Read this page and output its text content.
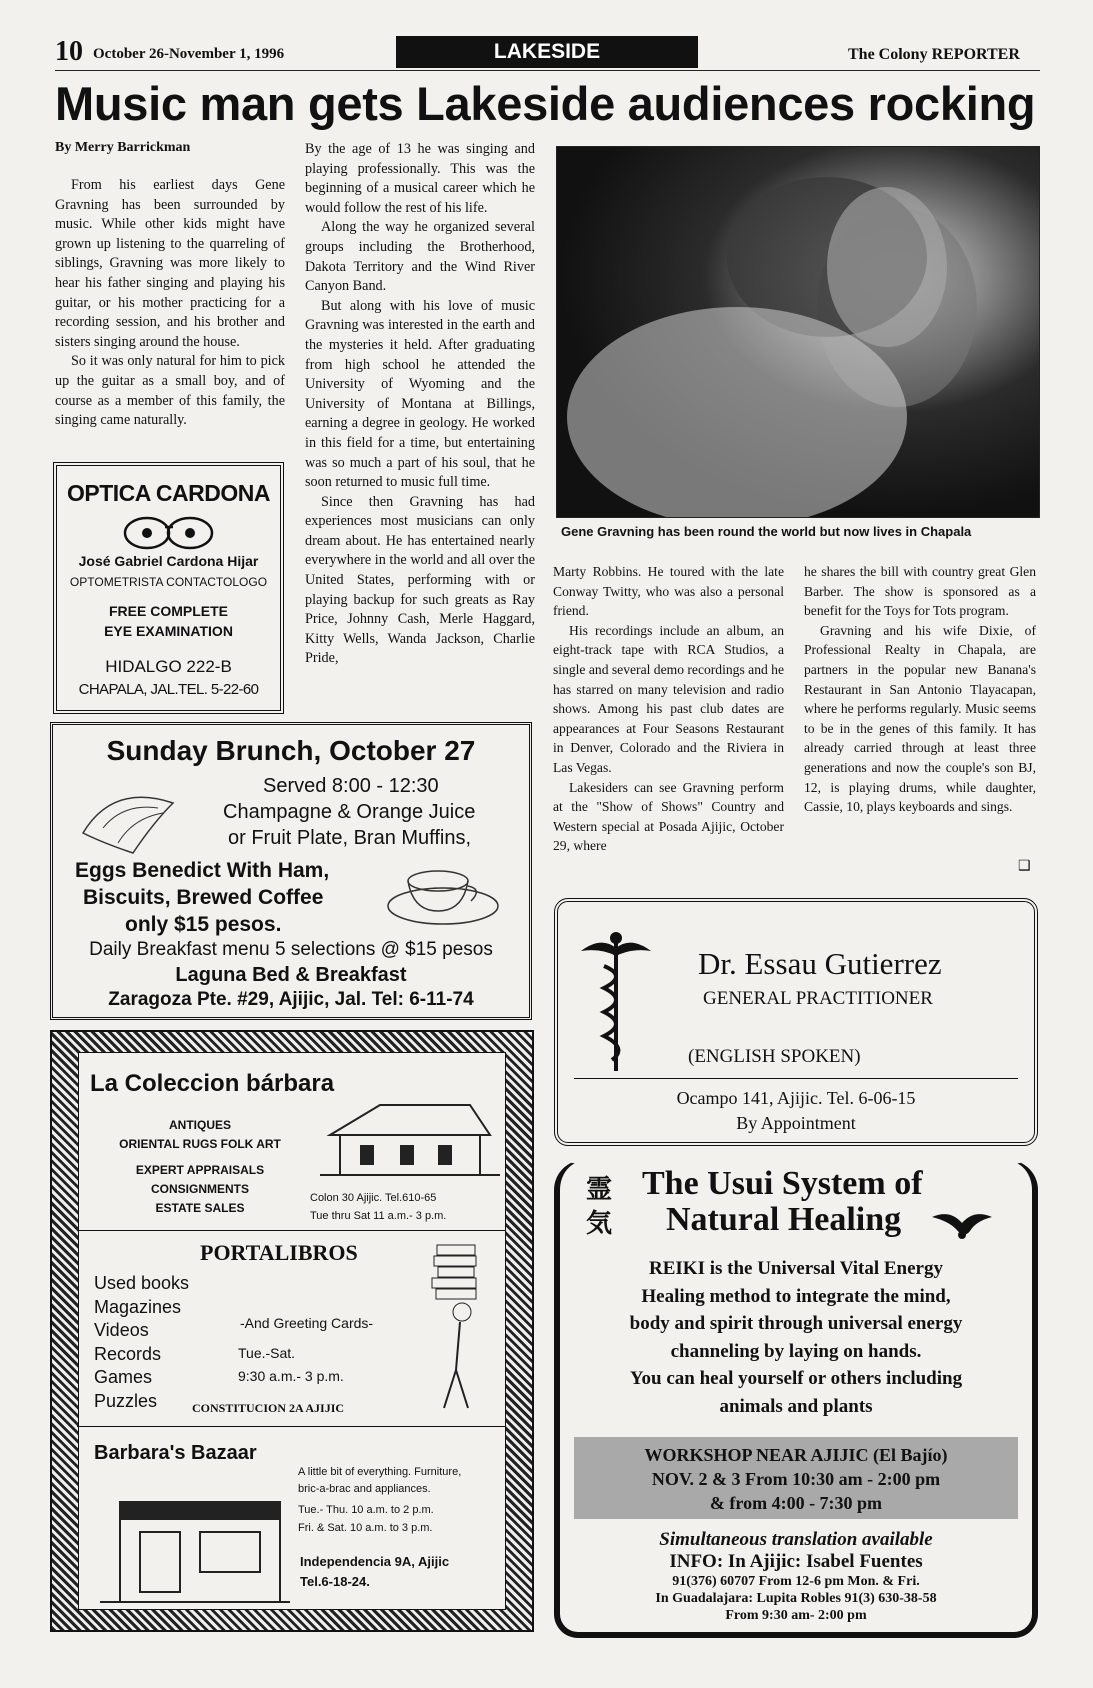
10 October 26-November 1, 1996	LAKESIDE	The Colony REPORTER
Music man gets Lakeside audiences rocking
By Merry Barrickman

From his earliest days Gene Gravning has been surrounded by music. While other kids might have grown up listening to the quarreling of siblings, Gravning was more likely to hear his father singing and playing his guitar, or his mother practicing for a recording session, and his brother and sisters singing around the house.

So it was only natural for him to pick up the guitar as a small boy, and of course as a member of this family, the singing came naturally.

By the age of 13 he was singing and playing professionally. This was the beginning of a musical career which he would follow the rest of his life.

Along the way he organized several groups including the Brotherhood, Dakota Territory and the Wind River Canyon Band.

But along with his love of music Gravning was interested in the earth and the mysteries it held. After graduating from high school he attended the University of Wyoming and the University of Montana at Billings, earning a degree in geology. He worked in this field for a time, but entertaining was so much a part of his soul, that he soon returned to music full time.

Since then Gravning has had experiences most musicians can only dream about. He has entertained nearly everywhere in the world and all over the United States, performing with or playing backup for such greats as Ray Price, Johnny Cash, Merle Haggard, Kitty Wells, Wanda Jackson, Charlie Pride,

Gene Gravning has been round the world but now lives in Chapala

Marty Robbins. He toured with the late Conway Twitty, who was also a personal friend.

His recordings include an album, an eight-track tape with RCA Studios, a single and several demo recordings and he has starred on many television and radio shows. Among his past club dates are appearances at Four Seasons Restaurant in Denver, Colorado and the Riviera in Las Vegas.

Lakesiders can see Gravning perform at the "Show of Shows" Country and Western special at Posada Ajijic, October 29, where

he shares the bill with country great Glen Barber. The show is sponsored as a benefit for the Toys for Tots program.

Gravning and his wife Dixie, of Professional Realty in Chapala, are partners in the popular new Banana's Restaurant in San Antonio Tlayacapan, where he performs regularly. Music seems to be in the genes of this family. It has already carried through at least three generations and now the couple's son BJ, 12, is playing drums, while daughter, Cassie, 10, plays keyboards and sings.

❑
OPTICA CARDONA
José Gabriel Cardona Hijar
OPTOMETRISTA CONTACTOLOGO
FREE COMPLETE
EYE EXAMINATION
HIDALGO 222-B
CHAPALA, JAL.TEL. 5-22-60
Sunday Brunch, October 27
Served 8:00 - 12:30
Champagne & Orange Juice
or Fruit Plate, Bran Muffins,
Eggs Benedict With Ham,
Biscuits, Brewed Coffee
only $15 pesos.
Daily Breakfast menu 5 selections @ $15 pesos
Laguna Bed & Breakfast
Zaragoza Pte. #29, Ajijic, Jal. Tel: 6-11-74
La Coleccion bárbara
ANTIQUES
ORIENTAL RUGS FOLK ART
EXPERT APPRAISALS
CONSIGNMENTS
ESTATE SALES
Colon 30 Ajijic. Tel.610-65
Tue thru Sat 11 a.m.- 3 p.m.
PORTALIBROS
Used books
Magazines
Videos
Records
Games
Puzzles
-And Greeting Cards-
Tue.-Sat.
9:30 a.m.- 3 p.m.
CONSTITUCION 2A AJIJIC
Barbara's Bazaar
A little bit of everything. Furniture,
bric-a-brac and appliances.
Tue.- Thu. 10 a.m. to 2 p.m.
Fri. & Sat. 10 a.m. to 3 p.m.
Independencia 9A, Ajijic
Tel.6-18-24.
Dr. Essau Gutierrez
GENERAL PRACTITIONER
(ENGLISH SPOKEN)
Ocampo 141, Ajijic. Tel. 6-06-15
By Appointment
霊
気
The Usui System of
Natural Healing
REIKI is the Universal Vital Energy
Healing method to integrate the mind,
body and spirit through universal energy
channeling by laying on hands.
You can heal yourself or others including
animals and plants
WORKSHOP NEAR AJIJIC (El Bajío)
NOV. 2 & 3 From 10:30 am - 2:00 pm
& from 4:00 - 7:30 pm
Simultaneous translation available
INFO: In Ajijic: Isabel Fuentes
91(376) 60707 From 12-6 pm Mon. & Fri.
In Guadalajara: Lupita Robles 91(3) 630-38-58
From 9:30 am- 2:00 pm
